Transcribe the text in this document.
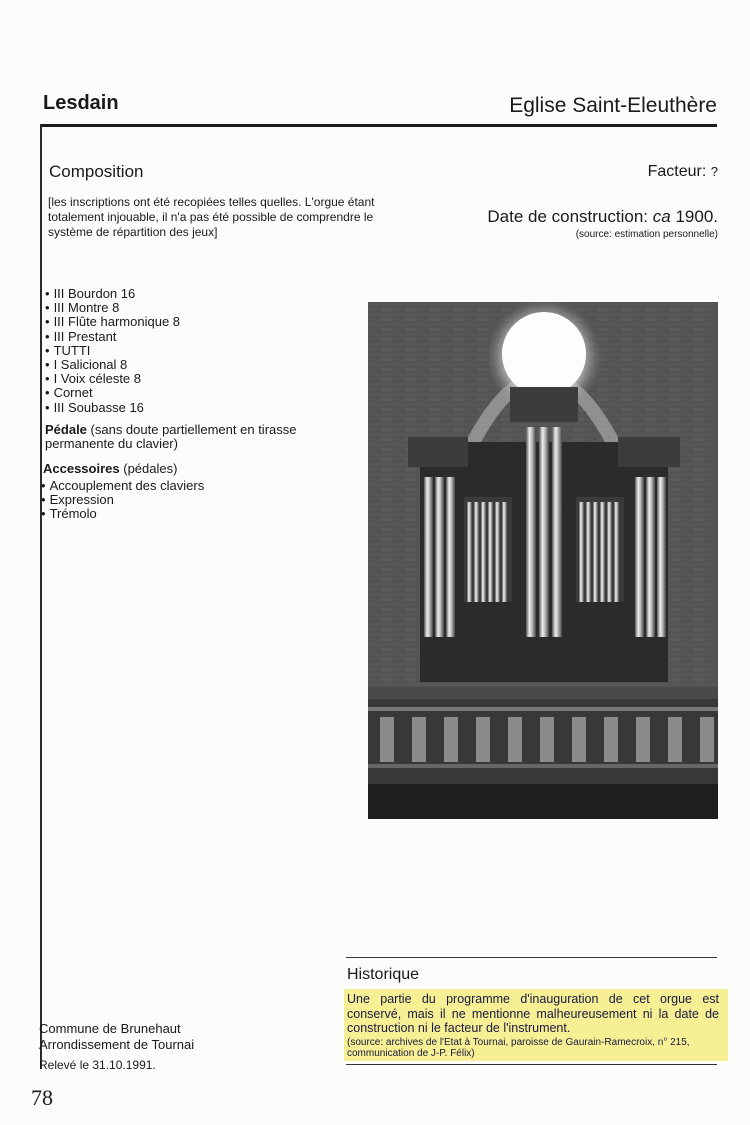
Lesdain	Eglise Saint-Eleuthère
Composition
[les inscriptions ont été recopiées telles quelles. L'orgue étant totalement injouable, il n'a pas été possible de comprendre le système de répartition des jeux]
Facteur: ?
Date de construction: ca 1900.
(source: estimation personnelle)
• III Bourdon 16
• III Montre 8
• III Flûte harmonique 8
• III Prestant
• TUTTI
• I Salicional 8
• I Voix céleste 8
• Cornet
• III Soubasse 16
Pédale (sans doute partiellement en tirasse permanente du clavier)
Accessoires (pédales)
• Accouplement des claviers
• Expression
• Trémolo
Historique
Une partie du programme d'inauguration de cet orgue est conservé, mais il ne mentionne malheureusement ni la date de construction ni le facteur de l'instrument.
(source: archives de l'Etat à Tournai, paroisse de Gaurain-Ramecroix, n° 215, communication de J-P. Félix)
Commune de Brunehaut
Arrondissement de Tournai
Relevé le 31.10.1991.
78
